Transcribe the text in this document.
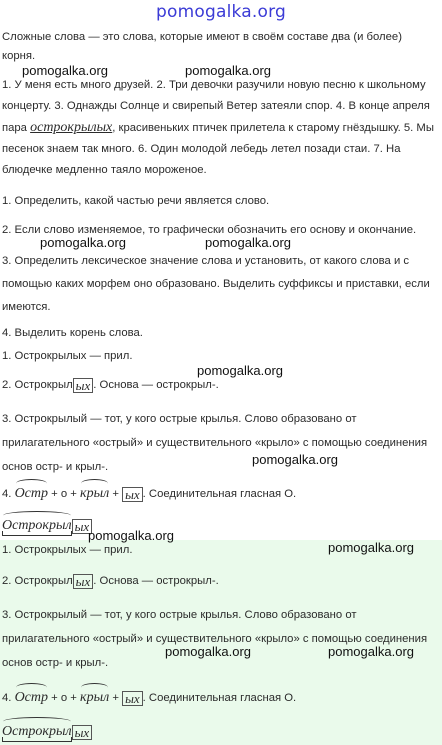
pomogalka.org
Сложные слова — это слова, которые имеют в своём составе два (и более) корня.
1. У меня есть много друзей. 2. Три девочки разучили новую песню к школьному концерту. 3. Однажды Солнце и свирепый Ветер затеяли спор. 4. В конце апреля пара острокрылых, красивеньких птичек прилетела к старому гнёздышку. 5. Мы песенок знаем так много. 6. Один молодой лебедь летел позади стаи. 7. На блюдечке медленно таяло мороженое.
1. Определить, какой частью речи является слово.
2. Если слово изменяемое, то графически обозначить его основу и окончание.
3. Определить лексическое значение слова и установить, от какого слова и с помощью каких морфем оно образовано. Выделить суффиксы и приставки, если имеются.
4. Выделить корень слова.
1. Острокрылых — прил.
2. Острокрыл ых . Основа — острокрыл-.
3. Острокрылый — тот, у кого острые крылья. Слово образовано от прилагательного «острый» и существительного «крыло» с помощью соединения основ остр- и крыл-.
4. Остр + о + крыл + ых . Соединительная гласная О.
Острокрыл ых
1. Острокрылых — прил.
2. Острокрыл ых . Основа — острокрыл-.
3. Острокрылый — тот, у кого острые крылья. Слово образовано от прилагательного «острый» и существительного «крыло» с помощью соединения основ остр- и крыл-.
4. Остр + о + крыл + ых . Соединительная гласная О.
Острокрыл ых
pomogalka.org	pomogalka.org
pomogalka.org	pomogalka.org
pomogalka.org
pomogalka.org
pomogalka.org
pomogalka.org
pomogalka.org	pomogalka.org
